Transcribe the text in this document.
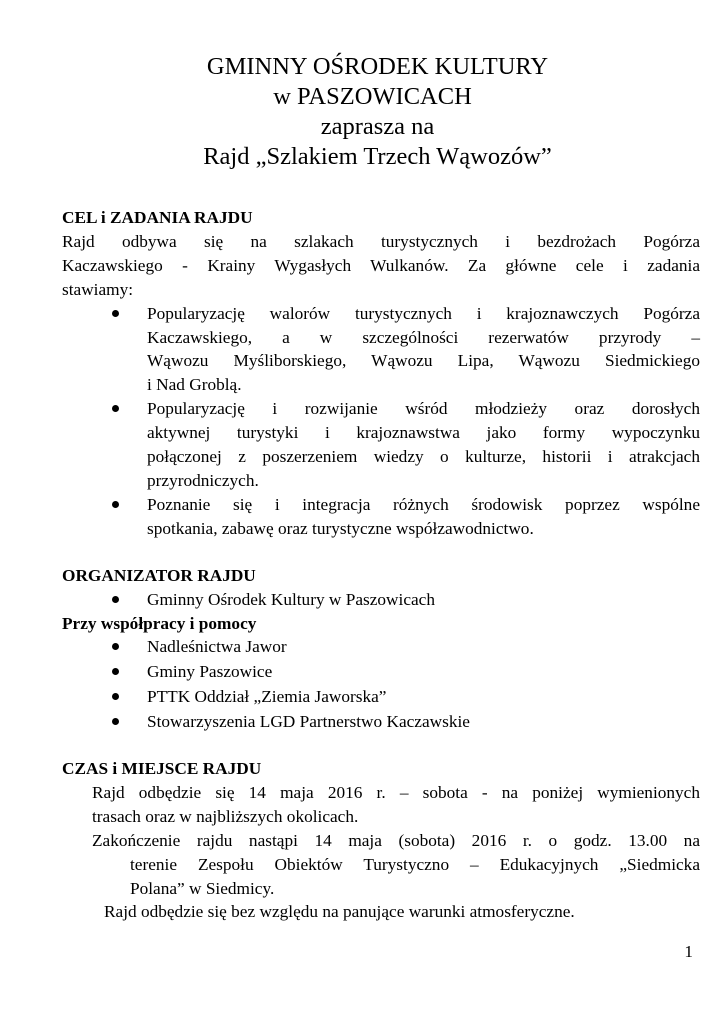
GMINNY OŚRODEK KULTURY
w PASZOWICACH
zaprasza na
Rajd „Szlakiem Trzech Wąwozów”
CEL i ZADANIA RAJDU
Rajd odbywa się na szlakach turystycznych i bezdrożach Pogórza
Kaczawskiego - Krainy Wygasłych Wulkanów. Za główne cele i zadania
stawiamy:
Popularyzację walorów turystycznych i krajoznawczych Pogórza
Kaczawskiego, a w szczególności rezerwatów przyrody –
Wąwozu Myśliborskiego, Wąwozu Lipa, Wąwozu Siedmickiego
i Nad Groblą.
Popularyzację i rozwijanie wśród młodzieży oraz dorosłych
aktywnej turystyki i krajoznawstwa jako formy wypoczynku
połączonej z poszerzeniem wiedzy o kulturze, historii i atrakcjach
przyrodniczych.
Poznanie się i integracja różnych środowisk poprzez wspólne
spotkania, zabawę oraz turystyczne współzawodnictwo.
ORGANIZATOR RAJDU
Gminny Ośrodek Kultury w Paszowicach
Przy współpracy i pomocy
Nadleśnictwa Jawor
Gminy Paszowice
PTTK Oddział „Ziemia Jaworska”
Stowarzyszenia LGD Partnerstwo Kaczawskie
CZAS i MIEJSCE RAJDU
Rajd odbędzie się 14 maja 2016 r. – sobota - na poniżej wymienionych
trasach oraz w najbliższych okolicach.
Zakończenie rajdu nastąpi 14 maja (sobota) 2016 r. o godz. 13.00 na
terenie Zespołu Obiektów Turystyczno – Edukacyjnych „Siedmicka
Polana” w Siedmicy.
Rajd odbędzie się bez względu na panujące warunki atmosferyczne.
1
